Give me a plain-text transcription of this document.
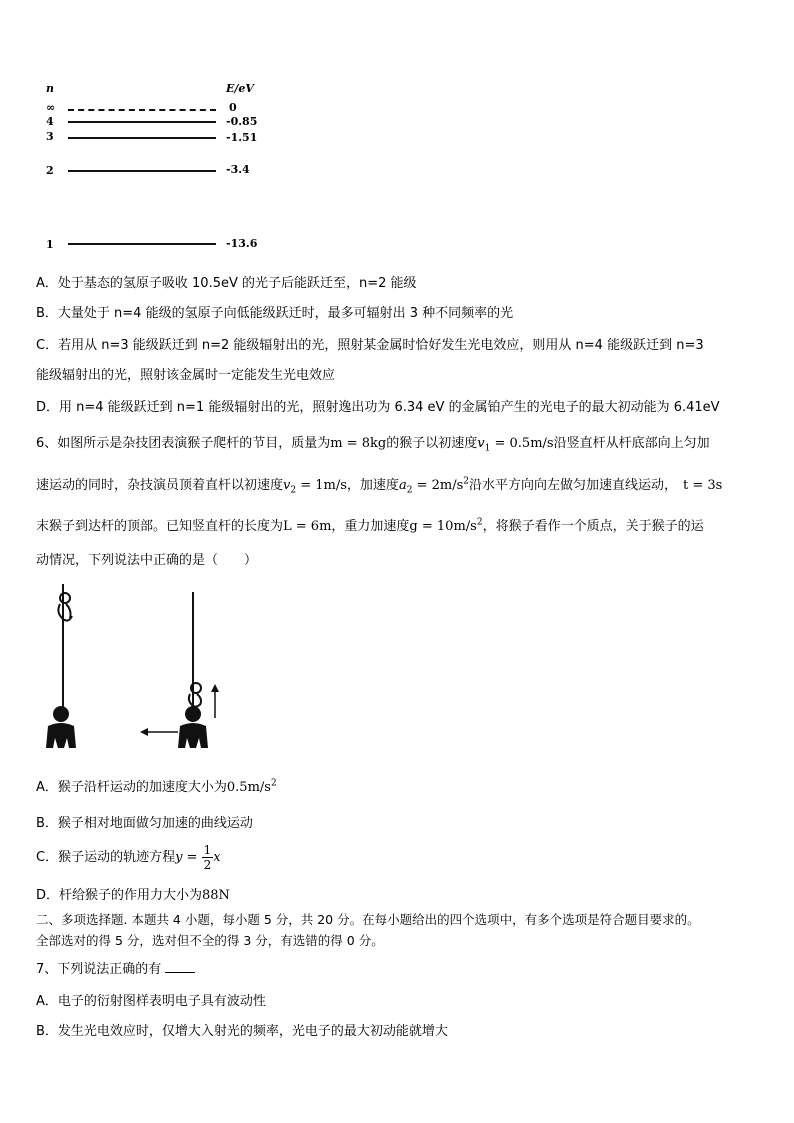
n	E/eV
∞	0
4	-0.85
3	-1.51
2	-3.4
1	-13.6
A．处于基态的氢原子吸收 10.5eV 的光子后能跃迁至，n=2 能级
B．大量处于 n=4 能级的氢原子向低能级跃迁时，最多可辐射出 3 种不同频率的光
C．若用从 n=3 能级跃迁到 n=2 能级辐射出的光，照射某金属时恰好发生光电效应，则用从 n=4 能级跃迁到 n=3
能级辐射出的光，照射该金属时一定能发生光电效应
D．用 n=4 能级跃迁到 n=1 能级辐射出的光，照射逸出功为 6.34 eV 的金属铂产生的光电子的最大初动能为 6.41eV
6、如图所示是杂技团表演猴子爬杆的节目，质量为m = 8kg的猴子以初速度$v_1 = 0.5m/s$沿竖直杆从杆底部向上匀加
速运动的同时，杂技演员顶着直杆以初速度$v_2 = 1m/s$，加速度$a_2 = 2m/s^2$沿水平方向向左做匀加速直线运动， t = 3s
末猴子到达杆的顶部。已知竖直杆的长度为L = 6m，重力加速度$g = 10m/s^2$，将猴子看作一个质点，关于猴子的运
动情况，下列说法中正确的是（　　）
A．猴子沿杆运动的加速度大小为$0.5m/s^2$
B．猴子相对地面做匀加速的曲线运动
C．猴子运动的轨迹方程$y = \frac{1}{2}$ x
D．杆给猴子的作用力大小为88N
二、多项选择题. 本题共 4 小题，每小题 5 分，共 20 分。在每小题给出的四个选项中，有多个选项是符合题目要求的。
全部选对的得 5 分，选对但不全的得 3 分，有选错的得 0 分。
7、下列说法正确的有
A．电子的衍射图样表明电子具有波动性
B．发生光电效应时，仅增大入射光的频率，光电子的最大初动能就增大
